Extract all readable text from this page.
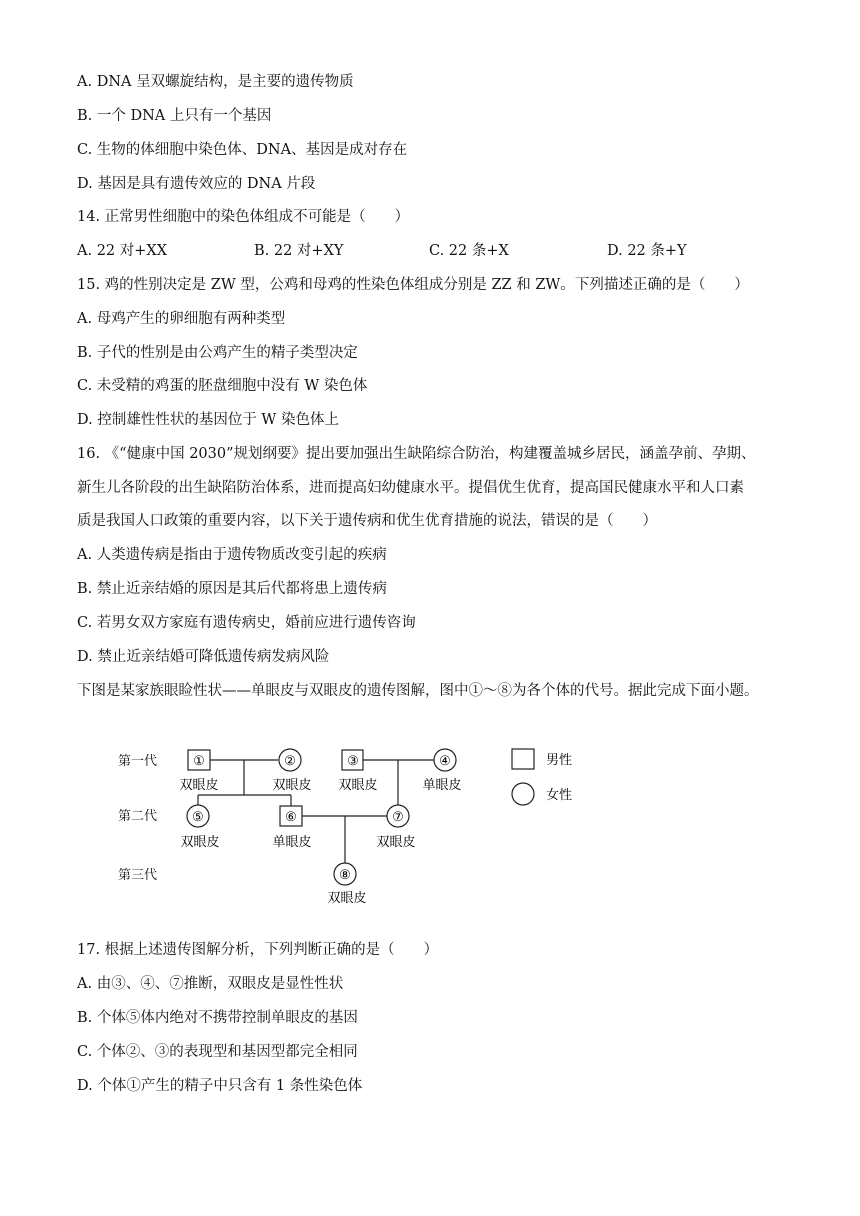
A. DNA 呈双螺旋结构，是主要的遗传物质
B. 一个 DNA 上只有一个基因
C. 生物的体细胞中染色体、DNA、基因是成对存在
D. 基因是具有遗传效应的 DNA 片段
14. 正常男性细胞中的染色体组成不可能是（　　）
A. 22 对+XX	B. 22 对+XY	C. 22 条+X	D. 22 条+Y
15. 鸡的性别决定是 ZW 型，公鸡和母鸡的性染色体组成分别是 ZZ 和 ZW。下列描述正确的是（　　）
A. 母鸡产生的卵细胞有两种类型
B. 子代的性别是由公鸡产生的精子类型决定
C. 未受精的鸡蛋的胚盘细胞中没有 W 染色体
D. 控制雄性性状的基因位于 W 染色体上
16. 《“健康中国 2030”规划纲要》提出要加强出生缺陷综合防治，构建覆盖城乡居民，涵盖孕前、孕期、
新生儿各阶段的出生缺陷防治体系，进而提高妇幼健康水平。提倡优生优育，提高国民健康水平和人口素
质是我国人口政策的重要内容，以下关于遗传病和优生优育措施的说法，错误的是（　　）
A. 人类遗传病是指由于遗传物质改变引起的疾病
B. 禁止近亲结婚的原因是其后代都将患上遗传病
C. 若男女双方家庭有遗传病史，婚前应进行遗传咨询
D. 禁止近亲结婚可降低遗传病发病风险
下图是某家族眼睑性状——单眼皮与双眼皮的遗传图解，图中①～⑧为各个体的代号。据此完成下面小题。
第一代
第二代
第三代
①
双眼皮
②
双眼皮
③
双眼皮
④
单眼皮
⑤
双眼皮
⑥
单眼皮
⑦
双眼皮
⑧
双眼皮
男性
女性
17. 根据上述遗传图解分析，下列判断正确的是（　　）
A. 由③、④、⑦推断，双眼皮是显性性状
B. 个体⑤体内绝对不携带控制单眼皮的基因
C. 个体②、③的表现型和基因型都完全相同
D. 个体①产生的精子中只含有 1 条性染色体
